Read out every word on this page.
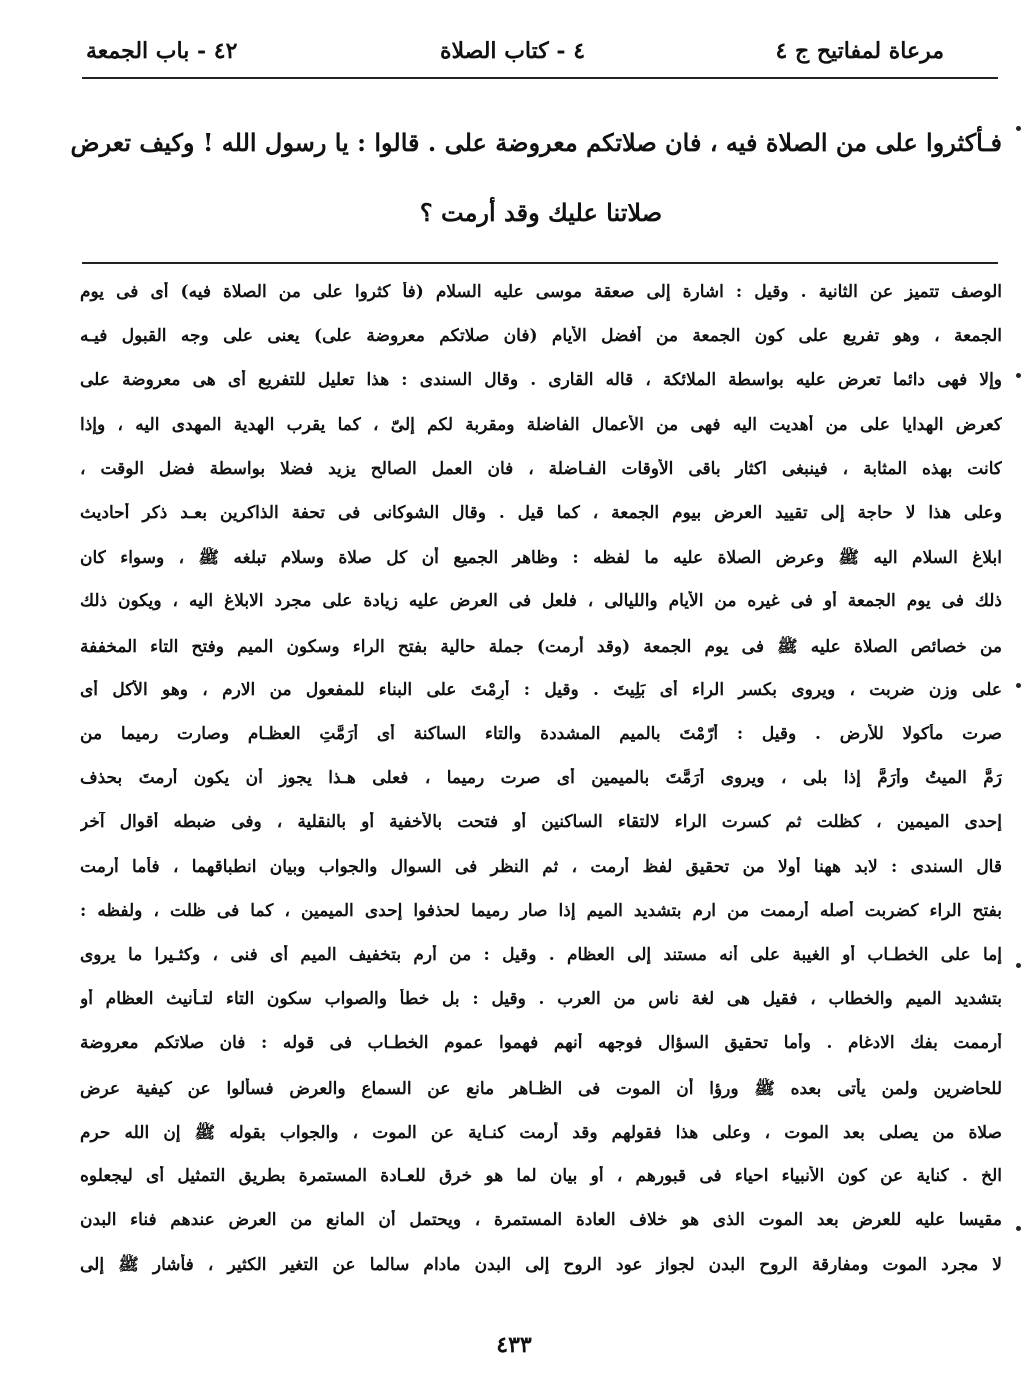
مرعاة لمفاتيح ج ٤
٤ - كتاب الصلاة
٤٢ - باب الجمعة
فـأكثروا على من الصلاة فيه ، فان صلاتكم معروضة على . قالوا : يا رسول الله ! وكيف تعرض
صلاتنا عليك وقد أرمت ؟
الوصف تتميز عن الثانية . وقيل : اشارة إلى صعقة موسى عليه السلام (فأ كثروا على من الصلاة فيه) أى فى يوم
الجمعة ، وهو تفريع على كون الجمعة من أفضل الأيام (فان صلاتكم معروضة على) يعنى على وجه القبول فيـه
وإلا فهى دائما تعرض عليه بواسطة الملائكة ، قاله القارى . وقال السندى : هذا تعليل للتفريع أى هى معروضة على
كعرض الهدايا على من أهديت اليه فهى من الأعمال الفاضلة ومقربة لكم إلىّ ، كما يقرب الهدية المهدى اليه ، وإذا
كانت بهذه المثابة ، فينبغى اكثار باقى الأوقات الفـاضلة ، فان العمل الصالح يزيد فضلا بواسطة فضل الوقت ،
وعلى هذا لا حاجة إلى تقييد العرض بيوم الجمعة ، كما قيل . وقال الشوكانى فى تحفة الذاكرين بعـد ذكر أحاديث
ابلاغ السلام اليه ﷺ وعرض الصلاة عليه ما لفظه : وظاهر الجميع أن كل صلاة وسلام تبلغه ﷺ ، وسواء كان
ذلك فى يوم الجمعة أو فى غيره من الأيام والليالى ، فلعل فى العرض عليه زيادة على مجرد الابلاغ اليه ، ويكون ذلك
من خصائص الصلاة عليه ﷺ فى يوم الجمعة (وقد أرمت) جملة حالية بفتح الراء وسكون الميم وفتح التاء المخففة
على وزن ضربت ، ويروى بكسر الراء أى بَلِيتَ . وقيل : أرِمْتَ على البناء للمفعول من الارم ، وهو الأكل أى
صرت مأكولا للأرض . وقيل : أرّمْتَ بالميم المشددة والتاء الساكنة أى أرَمَّتِ العظـام وصارت رميما من
رَمَّ الميتُ وأرَمَّ إذا بلى ، ويروى أرَمَّتَ بالميمين أى صرت رميما ، فعلى هـذا يجوز أن يكون أرمتَ بحذف
إحدى الميمين ، كظلت ثم كسرت الراء لالتقاء الساكنين أو فتحت بالأخفية أو بالنقلية ، وفى ضبطه أقوال آخر
قال السندى : لابد ههنا أولا من تحقيق لفظ أرمت ، ثم النظر فى السوال والجواب وبيان انطباقهما ، فأما أرمت
بفتح الراء كضربت أصله أرممت من ارم بتشديد الميم إذا صار رميما لحذفوا إحدى الميمين ، كما فى ظلت ، ولفظه :
إما على الخطـاب أو الغيبة على أنه مستند إلى العظام . وقيل : من أرم بتخفيف الميم أى فنى ، وكثـيرا ما يروى
بتشديد الميم والخطاب ، فقيل هى لغة ناس من العرب . وقيل : بل خطأ والصواب سكون التاء لتـأنيث العظام أو
أرممت بفك الادغام . وأما تحقيق السؤال فوجهه أنهم فهموا عموم الخطـاب فى قوله : فان صلاتكم معروضة
للحاضرين ولمن يأتى بعده ﷺ ورؤا أن الموت فى الظـاهر مانع عن السماع والعرض فسألوا عن كيفية عرض
صلاة من يصلى بعد الموت ، وعلى هذا فقولهم وقد أرمت كنـاية عن الموت ، والجواب بقوله ﷺ إن الله حرم
الخ . كناية عن كون الأنبياء احياء فى قبورهم ، أو بيان لما هو خرق للعـادة المستمرة بطريق التمثيل أى ليجعلوه
مقيسا عليه للعرض بعد الموت الذى هو خلاف العادة المستمرة ، ويحتمل أن المانع من العرض عندهم فناء البدن
لا مجرد الموت ومفارقة الروح البدن لجواز عود الروح إلى البدن مادام سالما عن التغير الكثير ، فأشار ﷺ إلى
٤٣٣
